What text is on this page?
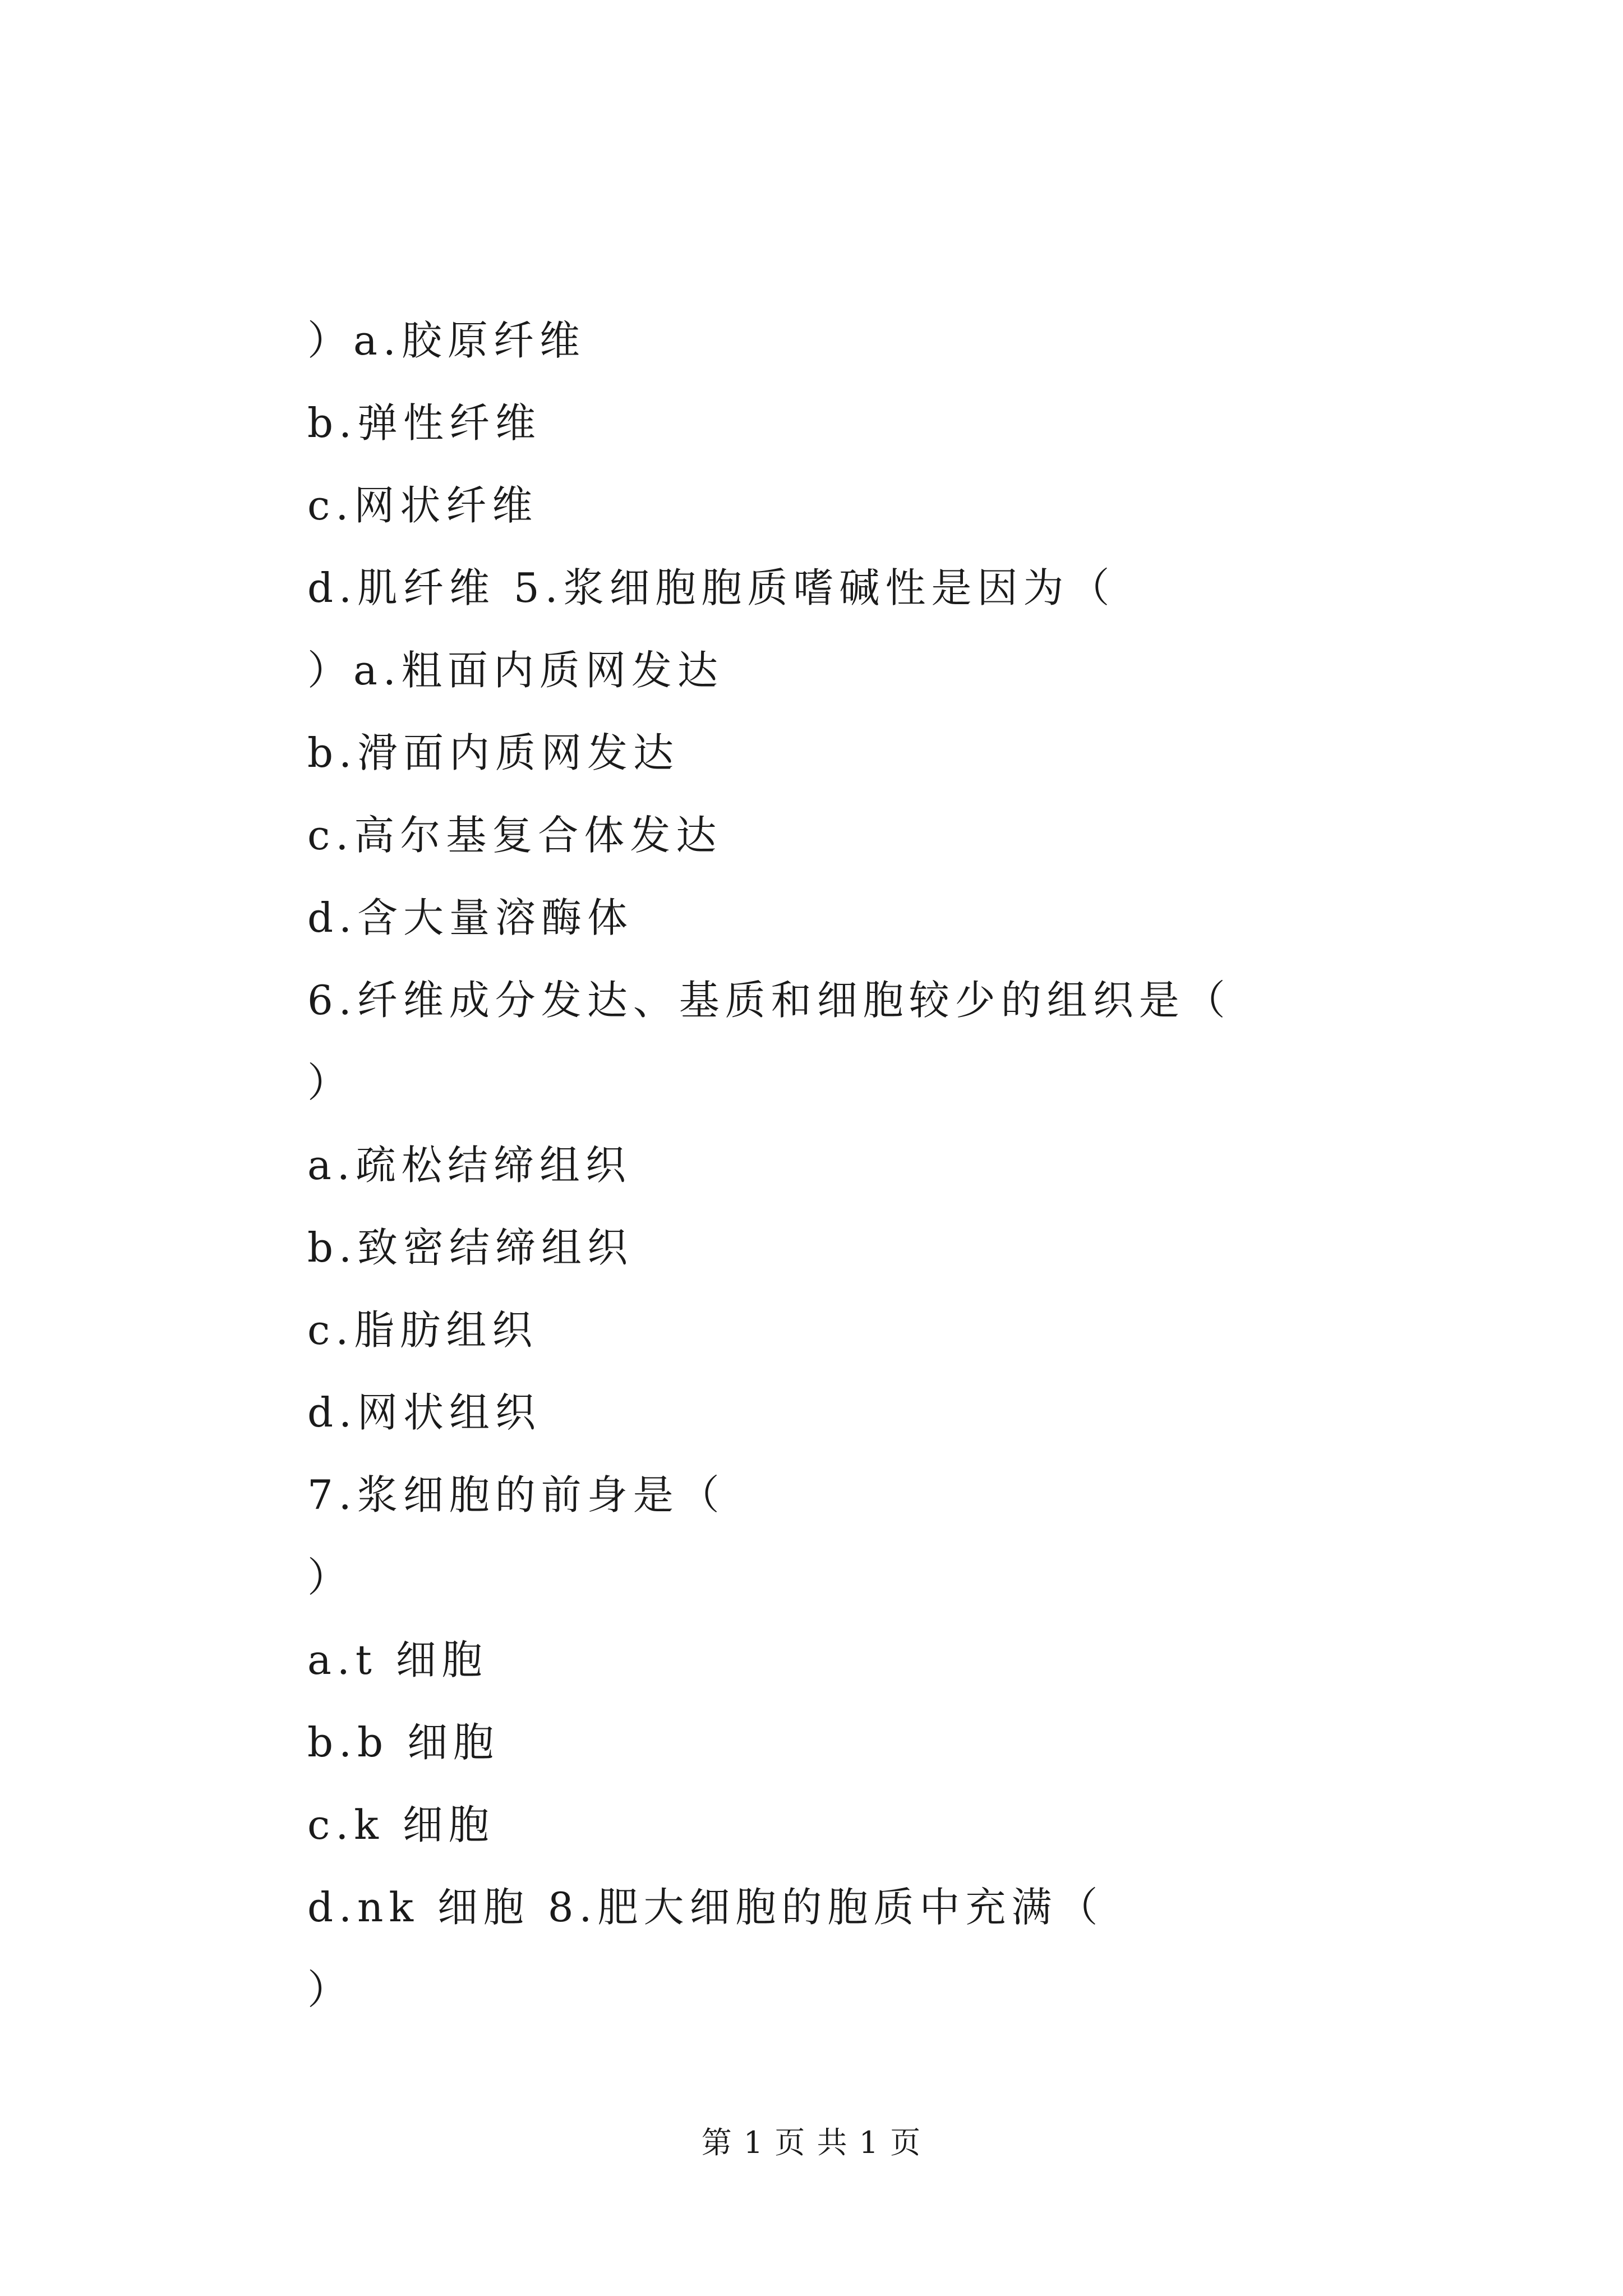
）a.胶原纤维
b.弹性纤维
c.网状纤维
d.肌纤维 5.浆细胞胞质嗜碱性是因为（
）a.粗面内质网发达
b.滑面内质网发达
c.高尔基复合体发达
d.含大量溶酶体
6.纤维成分发达、基质和细胞较少的组织是（
）
a.疏松结缔组织
b.致密结缔组织
c.脂肪组织
d.网状组织
7.浆细胞的前身是（
）
a.t 细胞
b.b 细胞
c.k 细胞
d.nk 细胞 8.肥大细胞的胞质中充满（
）
第 1 页 共 1 页
